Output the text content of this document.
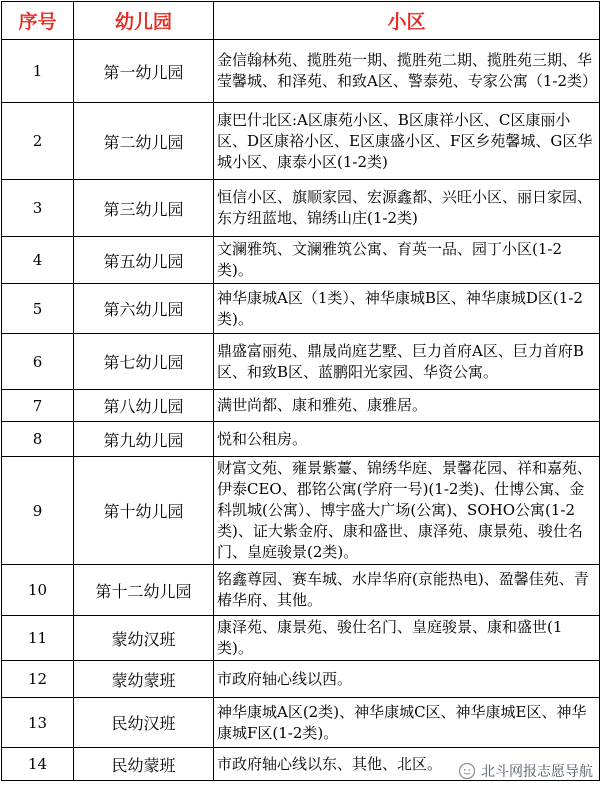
序号	幼儿园	小区
1	第一幼儿园	金信翰林苑、揽胜苑一期、揽胜苑二期、揽胜苑三期、华莹馨城、和泽苑、和致A区、警泰苑、专家公寓（1-2类）
2	第二幼儿园	康巴什北区:A区康苑小区、B区康祥小区、C区康丽小区、D区康裕小区、E区康盛小区、F区乡苑馨城、G区华城小区、康泰小区(1-2类)
3	第三幼儿园	恒信小区、旗顺家园、宏源鑫都、兴旺小区、丽日家园、东方纽蓝地、锦绣山庄(1-2类)
4	第五幼儿园	文澜雅筑、文澜雅筑公寓、育英一品、园丁小区(1-2类)。
5	第六幼儿园	神华康城A区（1类）、神华康城B区、神华康城D区(1-2类)。
6	第七幼儿园	鼎盛富丽苑、鼎晟尚庭艺墅、巨力首府A区、巨力首府B区、和致B区、蓝鹏阳光家园、华资公寓。
7	第八幼儿园	满世尚都、康和雅苑、康雅居。
8	第九幼儿园	悦和公租房。
9	第十幼儿园	财富文苑、雍景紫薹、锦绣华庭、景馨花园、祥和嘉苑、伊泰CEO、郡铭公寓(学府一号)(1-2类)、仕博公寓、金科凯城(公寓）、博宇盛大广场(公寓)、SOHO公寓(1-2类)、证大紫金府、康和盛世、康泽苑、康景苑、骏仕名门、皇庭骏景(2类)。
10	第十二幼儿园	铭鑫尊园、赛车城、水岸华府(京能热电)、盈馨佳苑、青椿华府、其他。
11	蒙幼汉班	康泽苑、康景苑、骏仕名门、皇庭骏景、康和盛世(1类)。
12	蒙幼蒙班	市政府轴心线以西。
13	民幼汉班	神华康城A区(2类)、神华康城C区、神华康城E区、神华康城F区(1-2类)。
14	民幼蒙班	市政府轴心线以东、其他、北区。	北斗网报志愿导航
